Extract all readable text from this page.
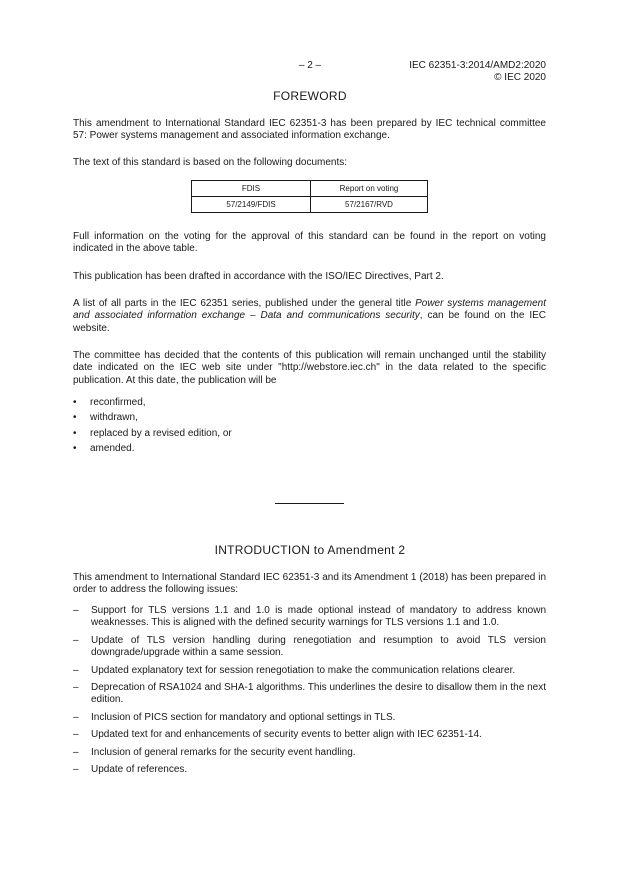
– 2 –	IEC 62351-3:2014/AMD2:2020
© IEC 2020
FOREWORD
This amendment to International Standard IEC 62351-3 has been prepared by IEC technical committee 57: Power systems management and associated information exchange.
The text of this standard is based on the following documents:
FDIS	Report on voting
57/2149/FDIS	57/2167/RVD
Full information on the voting for the approval of this standard can be found in the report on voting indicated in the above table.
This publication has been drafted in accordance with the ISO/IEC Directives, Part 2.
A list of all parts in the IEC 62351 series, published under the general title Power systems management and associated information exchange – Data and communications security, can be found on the IEC website.
The committee has decided that the contents of this publication will remain unchanged until the stability date indicated on the IEC web site under "http://webstore.iec.ch" in the data related to the specific publication. At this date, the publication will be
• reconfirmed,
• withdrawn,
• replaced by a revised edition, or
• amended.
INTRODUCTION to Amendment 2
This amendment to International Standard IEC 62351-3 and its Amendment 1 (2018) has been prepared in order to address the following issues:
– Support for TLS versions 1.1 and 1.0 is made optional instead of mandatory to address known weaknesses. This is aligned with the defined security warnings for TLS versions 1.1 and 1.0.
– Update of TLS version handling during renegotiation and resumption to avoid TLS version downgrade/upgrade within a same session.
– Updated explanatory text for session renegotiation to make the communication relations clearer.
– Deprecation of RSA1024 and SHA-1 algorithms. This underlines the desire to disallow them in the next edition.
– Inclusion of PICS section for mandatory and optional settings in TLS.
– Updated text for and enhancements of security events to better align with IEC 62351-14.
– Inclusion of general remarks for the security event handling.
– Update of references.
